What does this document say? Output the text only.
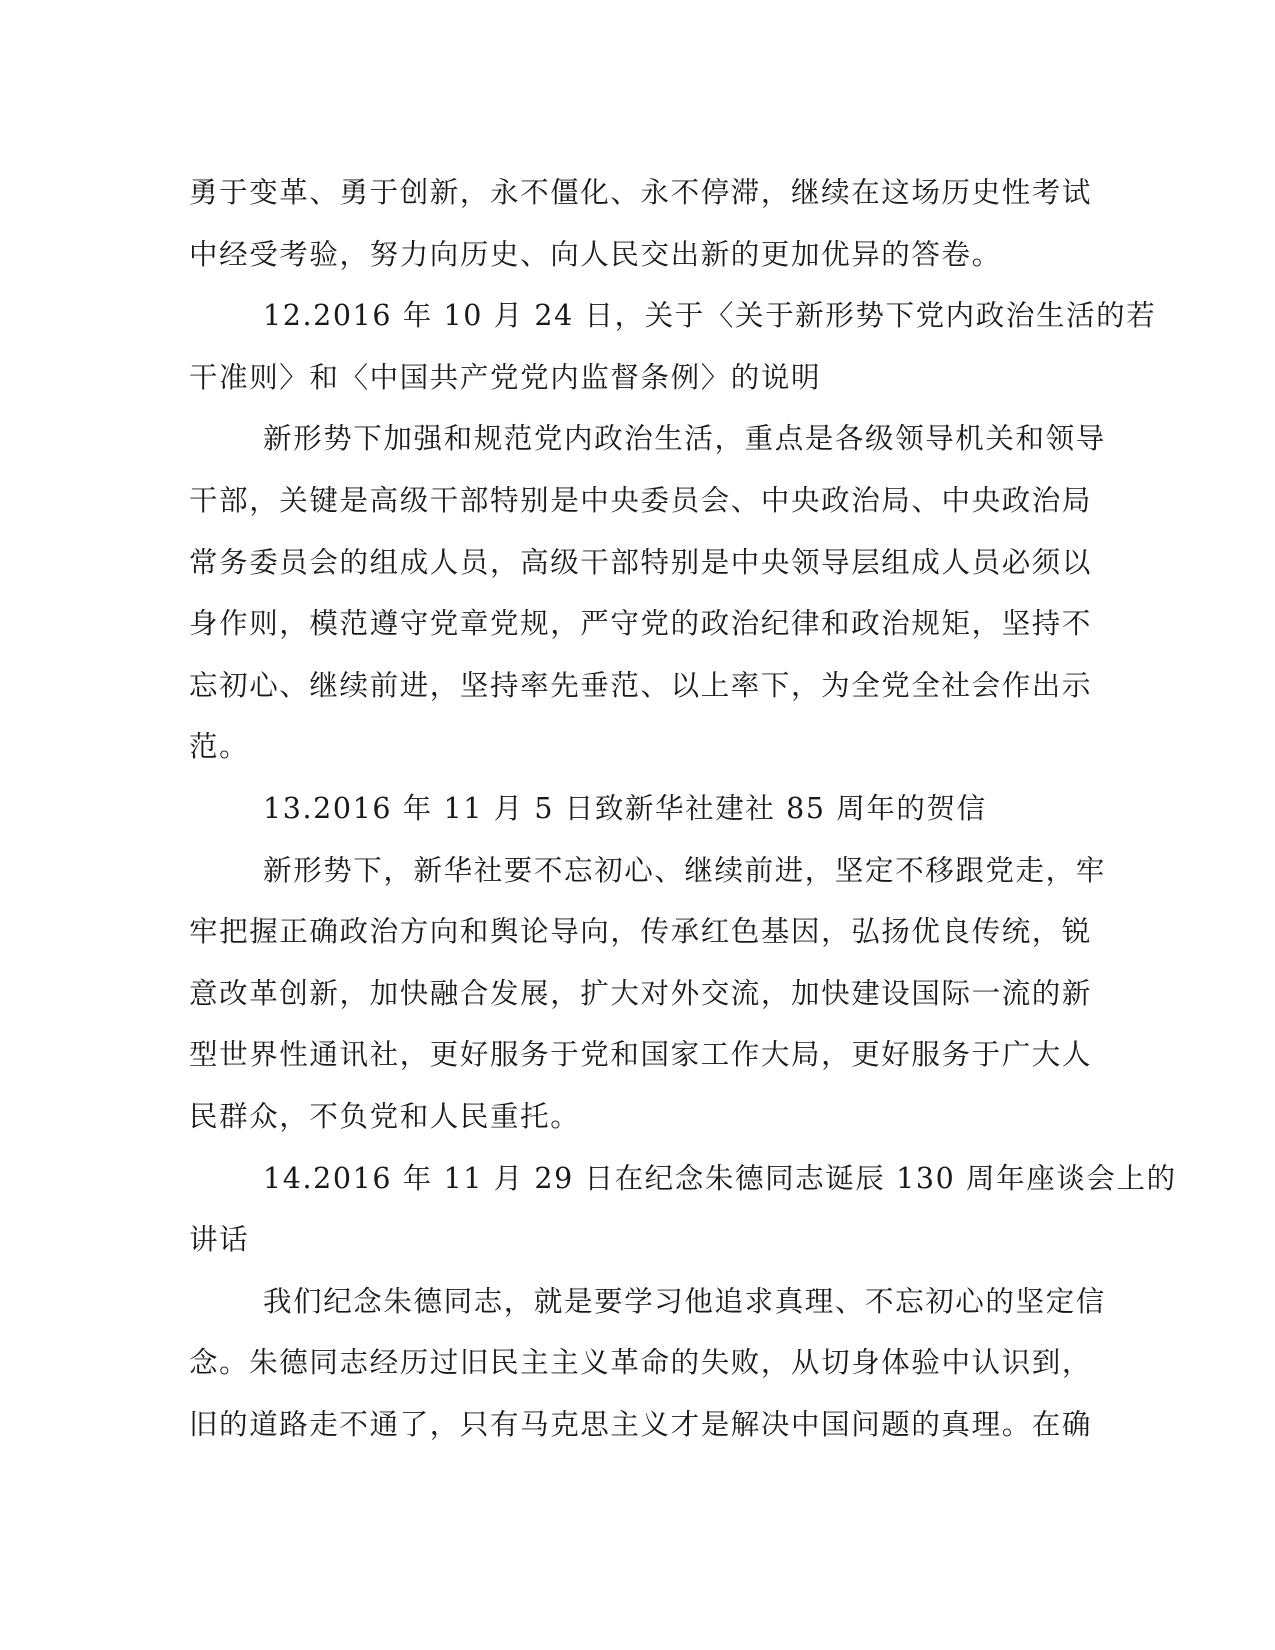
勇于变革、勇于创新，永不僵化、永不停滞，继续在这场历史性考试
中经受考验，努力向历史、向人民交出新的更加优异的答卷。
12.2016 年 10 月 24 日，关于〈关于新形势下党内政治生活的若
干准则〉和〈中国共产党党内监督条例〉的说明
新形势下加强和规范党内政治生活，重点是各级领导机关和领导
干部，关键是高级干部特别是中央委员会、中央政治局、中央政治局
常务委员会的组成人员，高级干部特别是中央领导层组成人员必须以
身作则，模范遵守党章党规，严守党的政治纪律和政治规矩，坚持不
忘初心、继续前进，坚持率先垂范、以上率下，为全党全社会作出示
范。
13.2016 年 11 月 5 日致新华社建社 85 周年的贺信
新形势下，新华社要不忘初心、继续前进，坚定不移跟党走，牢
牢把握正确政治方向和舆论导向，传承红色基因，弘扬优良传统，锐
意改革创新，加快融合发展，扩大对外交流，加快建设国际一流的新
型世界性通讯社，更好服务于党和国家工作大局，更好服务于广大人
民群众，不负党和人民重托。
14.2016 年 11 月 29 日在纪念朱德同志诞辰 130 周年座谈会上的
讲话
我们纪念朱德同志，就是要学习他追求真理、不忘初心的坚定信
念。朱德同志经历过旧民主主义革命的失败，从切身体验中认识到，
旧的道路走不通了，只有马克思主义才是解决中国问题的真理。在确
